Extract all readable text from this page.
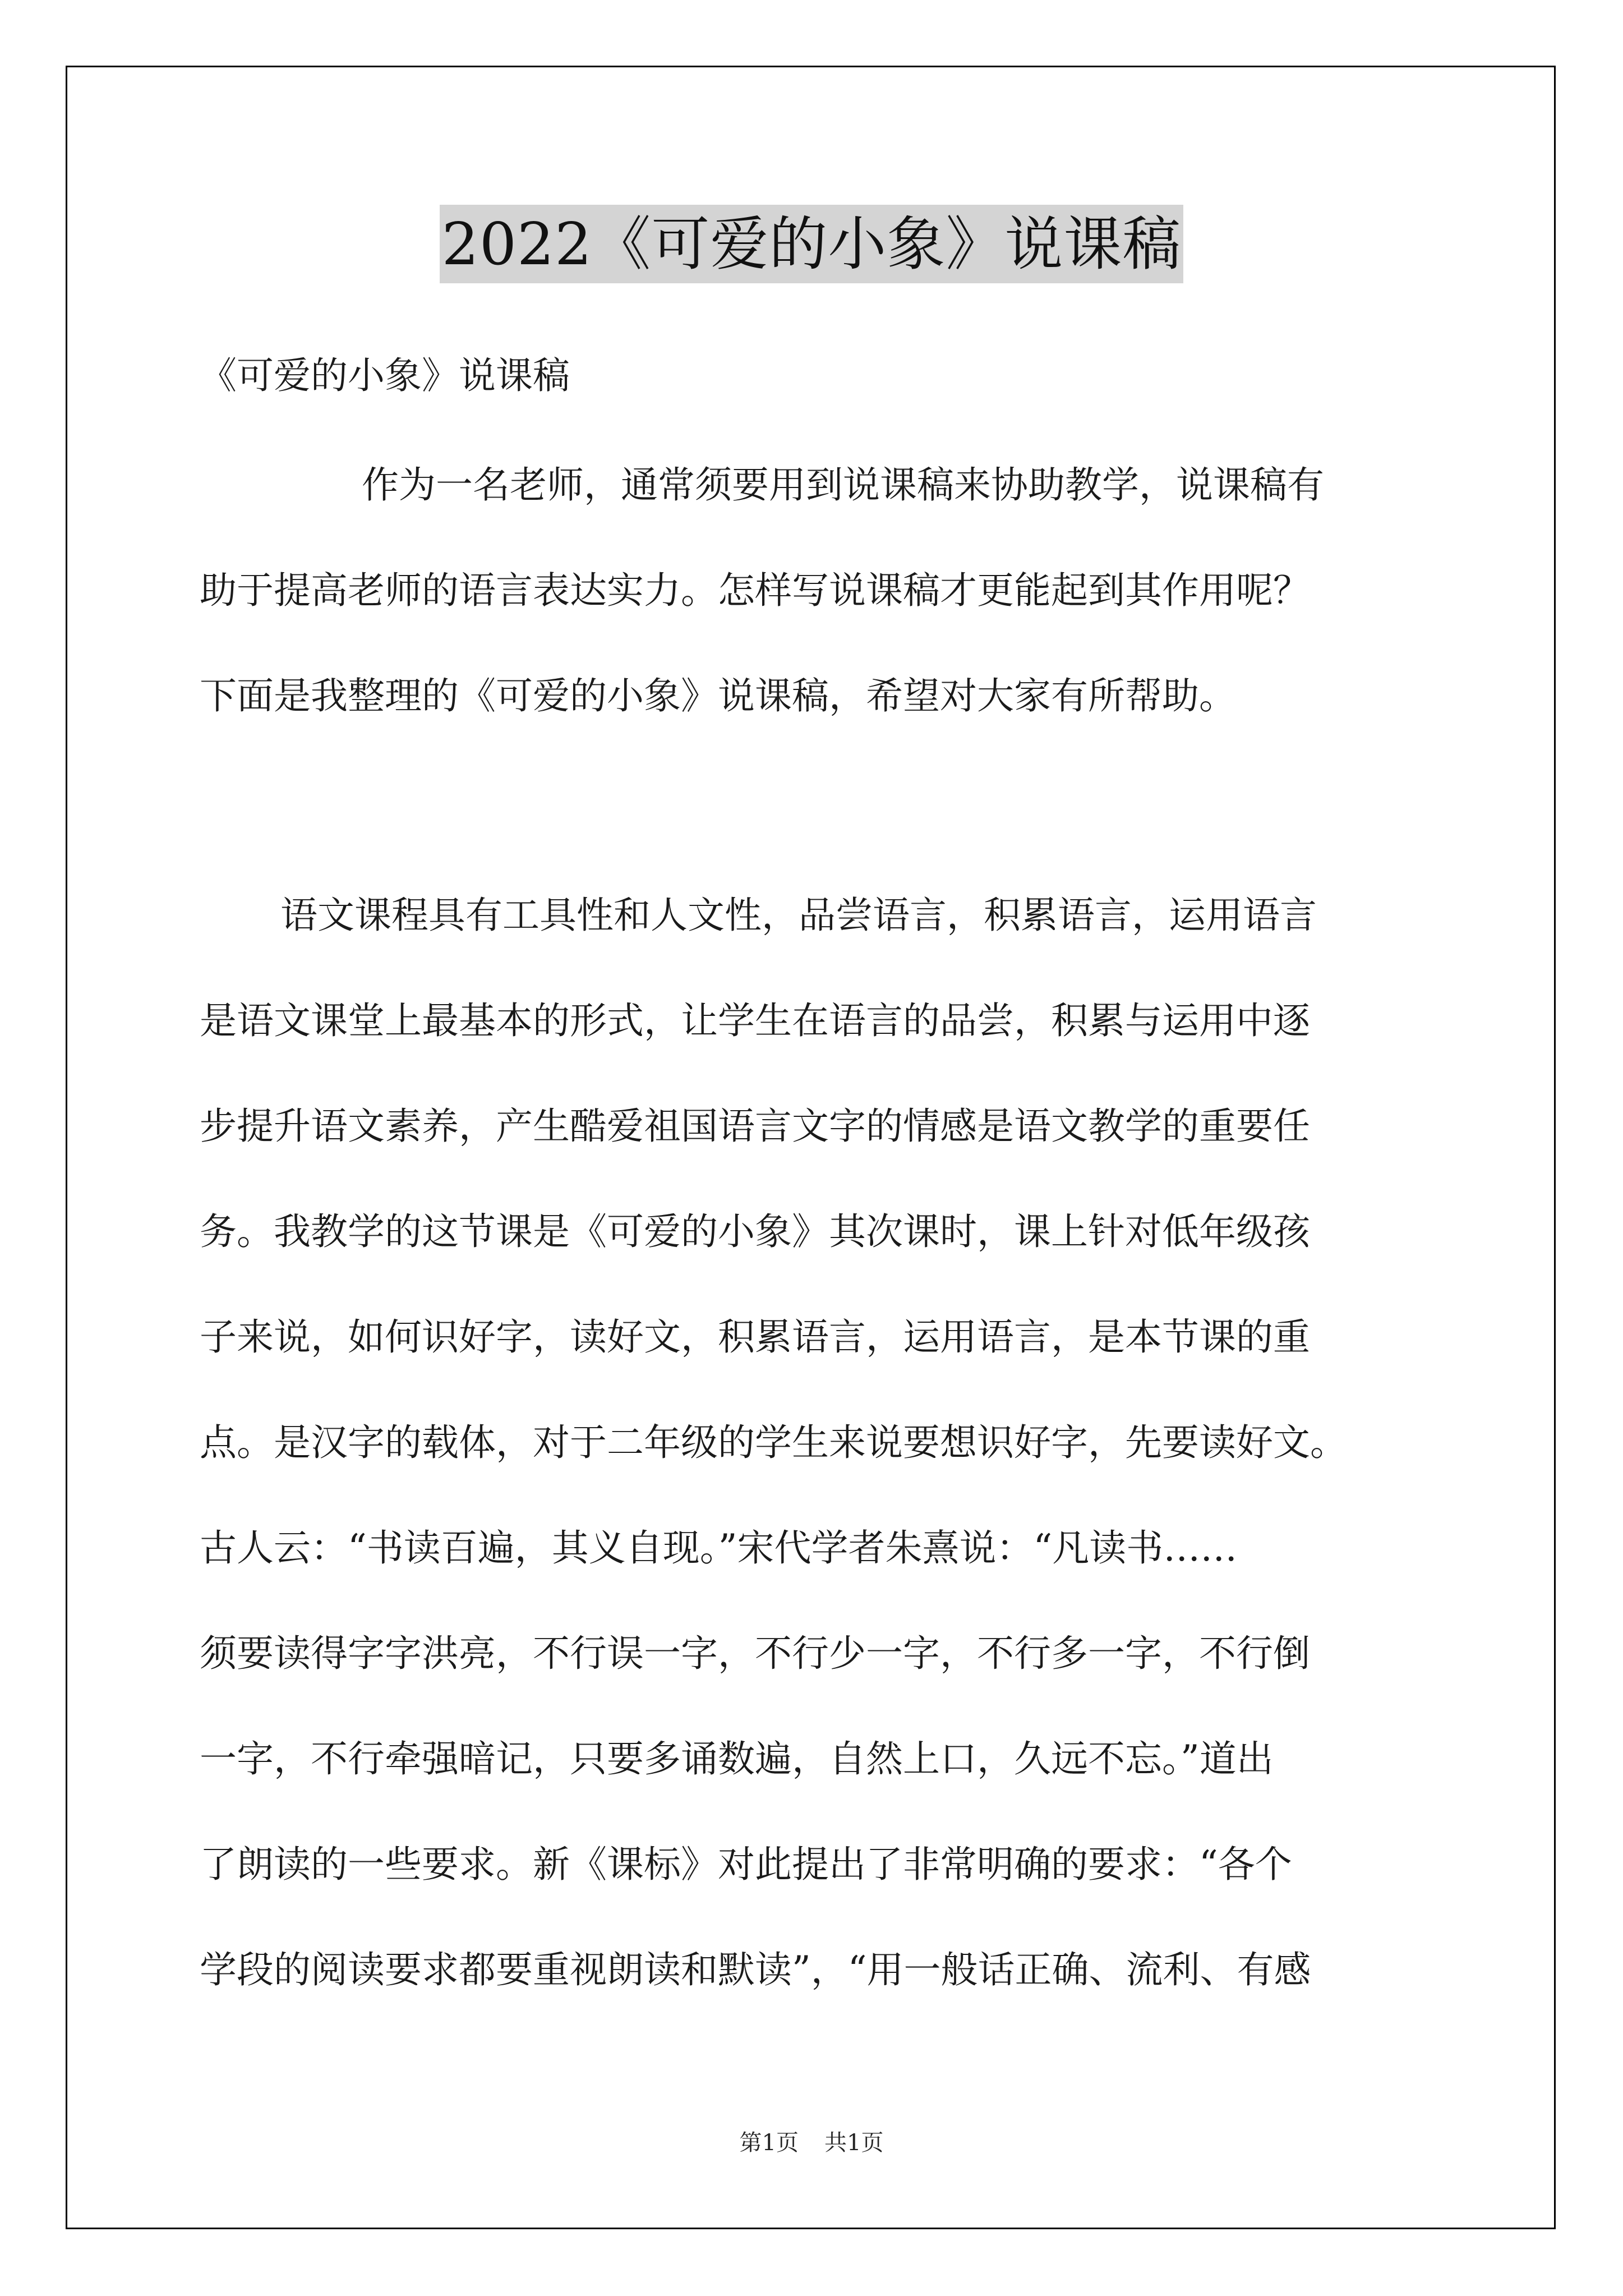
2022《可爱的小象》说课稿
《可爱的小象》说课稿
作为一名老师，通常须要用到说课稿来协助教学，说课稿有
助于提高老师的语言表达实力。怎样写说课稿才更能起到其作用呢？
下面是我整理的《可爱的小象》说课稿，希望对大家有所帮助。
语文课程具有工具性和人文性，品尝语言，积累语言，运用语言
是语文课堂上最基本的形式，让学生在语言的品尝，积累与运用中逐
步提升语文素养，产生酷爱祖国语言文字的情感是语文教学的重要任
务。我教学的这节课是《可爱的小象》其次课时，课上针对低年级孩
子来说，如何识好字，读好文，积累语言，运用语言，是本节课的重
点。是汉字的载体，对于二年级的学生来说要想识好字，先要读好文。
古人云：“书读百遍，其义自现。”宋代学者朱熹说：“凡读书……
须要读得字字洪亮，不行误一字，不行少一字，不行多一字，不行倒
一字，不行牵强暗记，只要多诵数遍，自然上口，久远不忘。”道出
了朗读的一些要求。新《课标》对此提出了非常明确的要求：“各个
学段的阅读要求都要重视朗读和默读”，“用一般话正确、流利、有感
第1页 共1页
